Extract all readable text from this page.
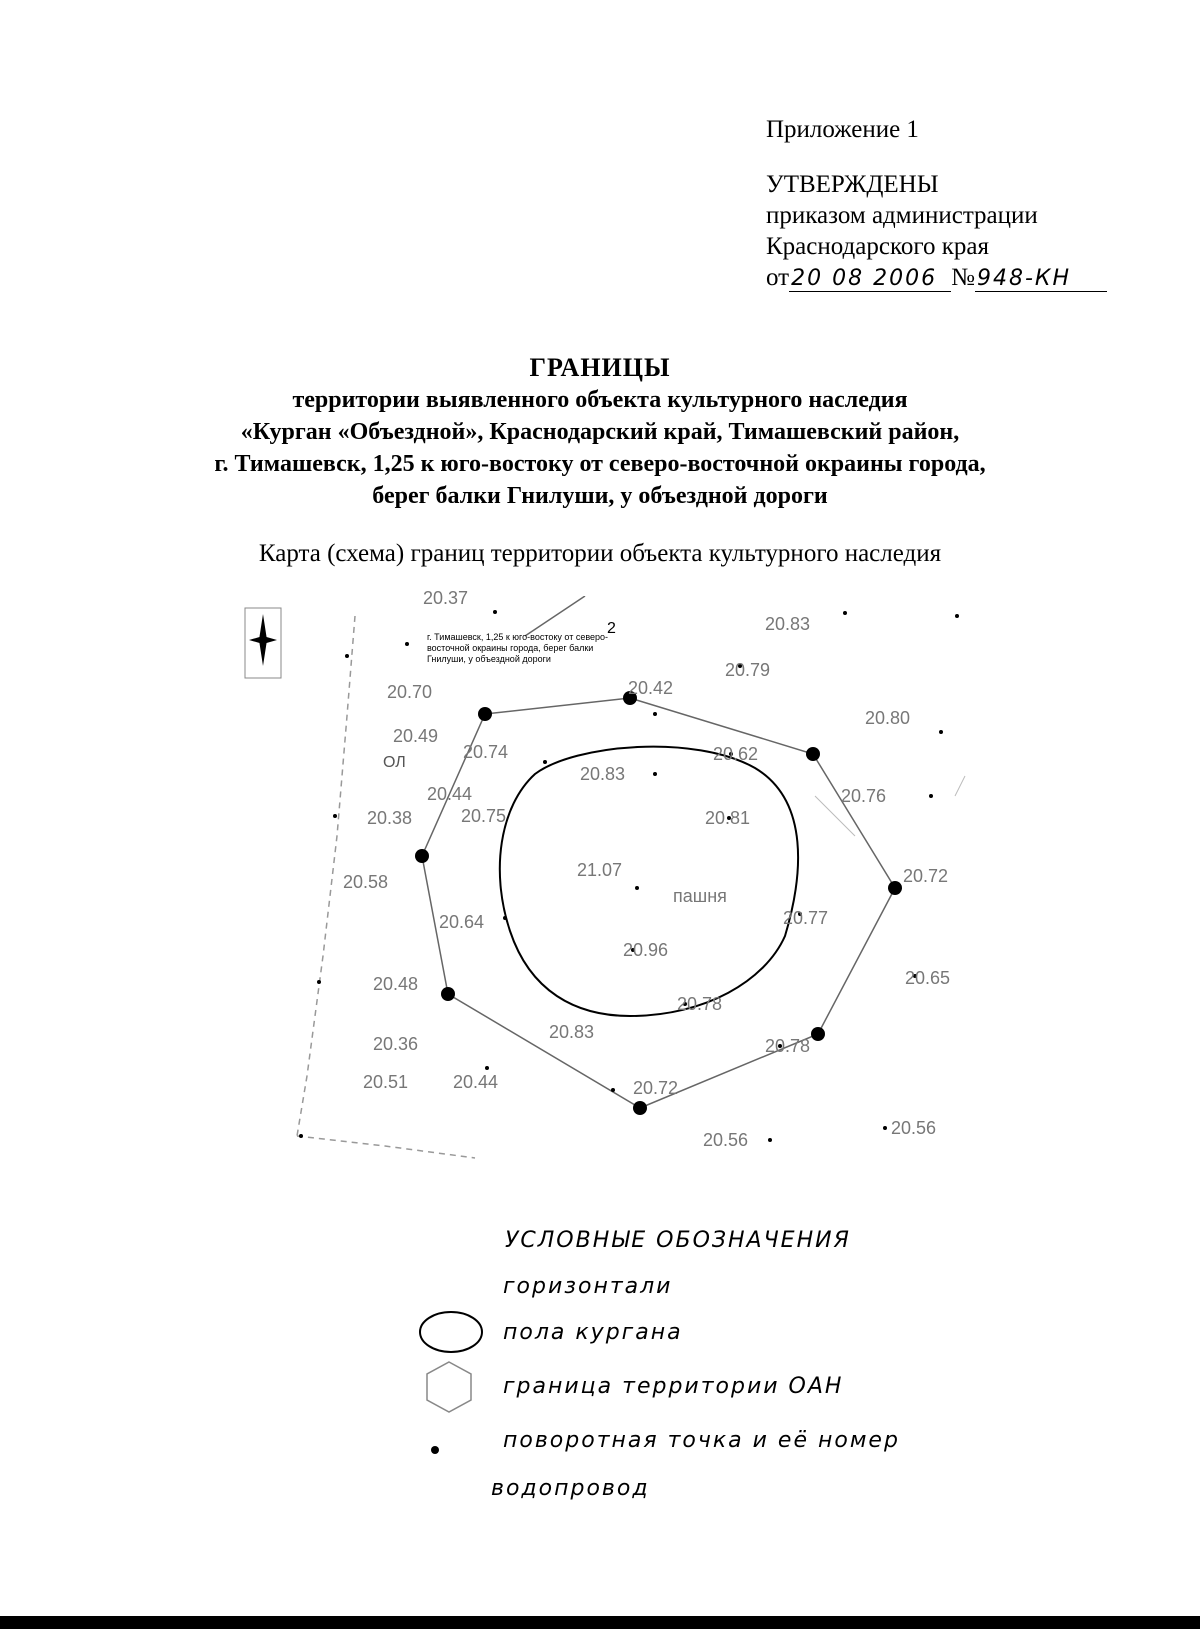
Приложение 1
УТВЕРЖДЕНЫ
приказом администрации
Краснодарского края
от20 08 2006 №948-КН
ГРАНИЦЫ
территории выявленного объекта культурного наследия
«Курган «Объездной», Краснодарский край, Тимашевский район,
г. Тимашевск, 1,25 к юго-востоку от северо-восточной окраины города,
берег балки Гнилуши, у объездной дороги
Карта (схема) границ территории объекта культурного наследия
г. Тимашевск, 1,25 к юго-востоку от северо-восточной окраины города, берег балки Гнилуши, у объездной дороги
2
ОЛ
пашня
20.37
20.83
20.79
20.80
20.42
20.70
20.49
20.74	20.62
20.83
20.76
20.44
20.75
20.38	20.81
21.07	20.72
20.58
20.64	20.77
20.96
20.65
20.48
20.78
20.83
20.36	20.78
20.51 20.44	20.72
20.56
20.56
УСЛОВНЫЕ ОБОЗНАЧЕНИЯ
горизонтали
пола кургана
граница территории ОАН
поворотная точка и её номер
водопровод
